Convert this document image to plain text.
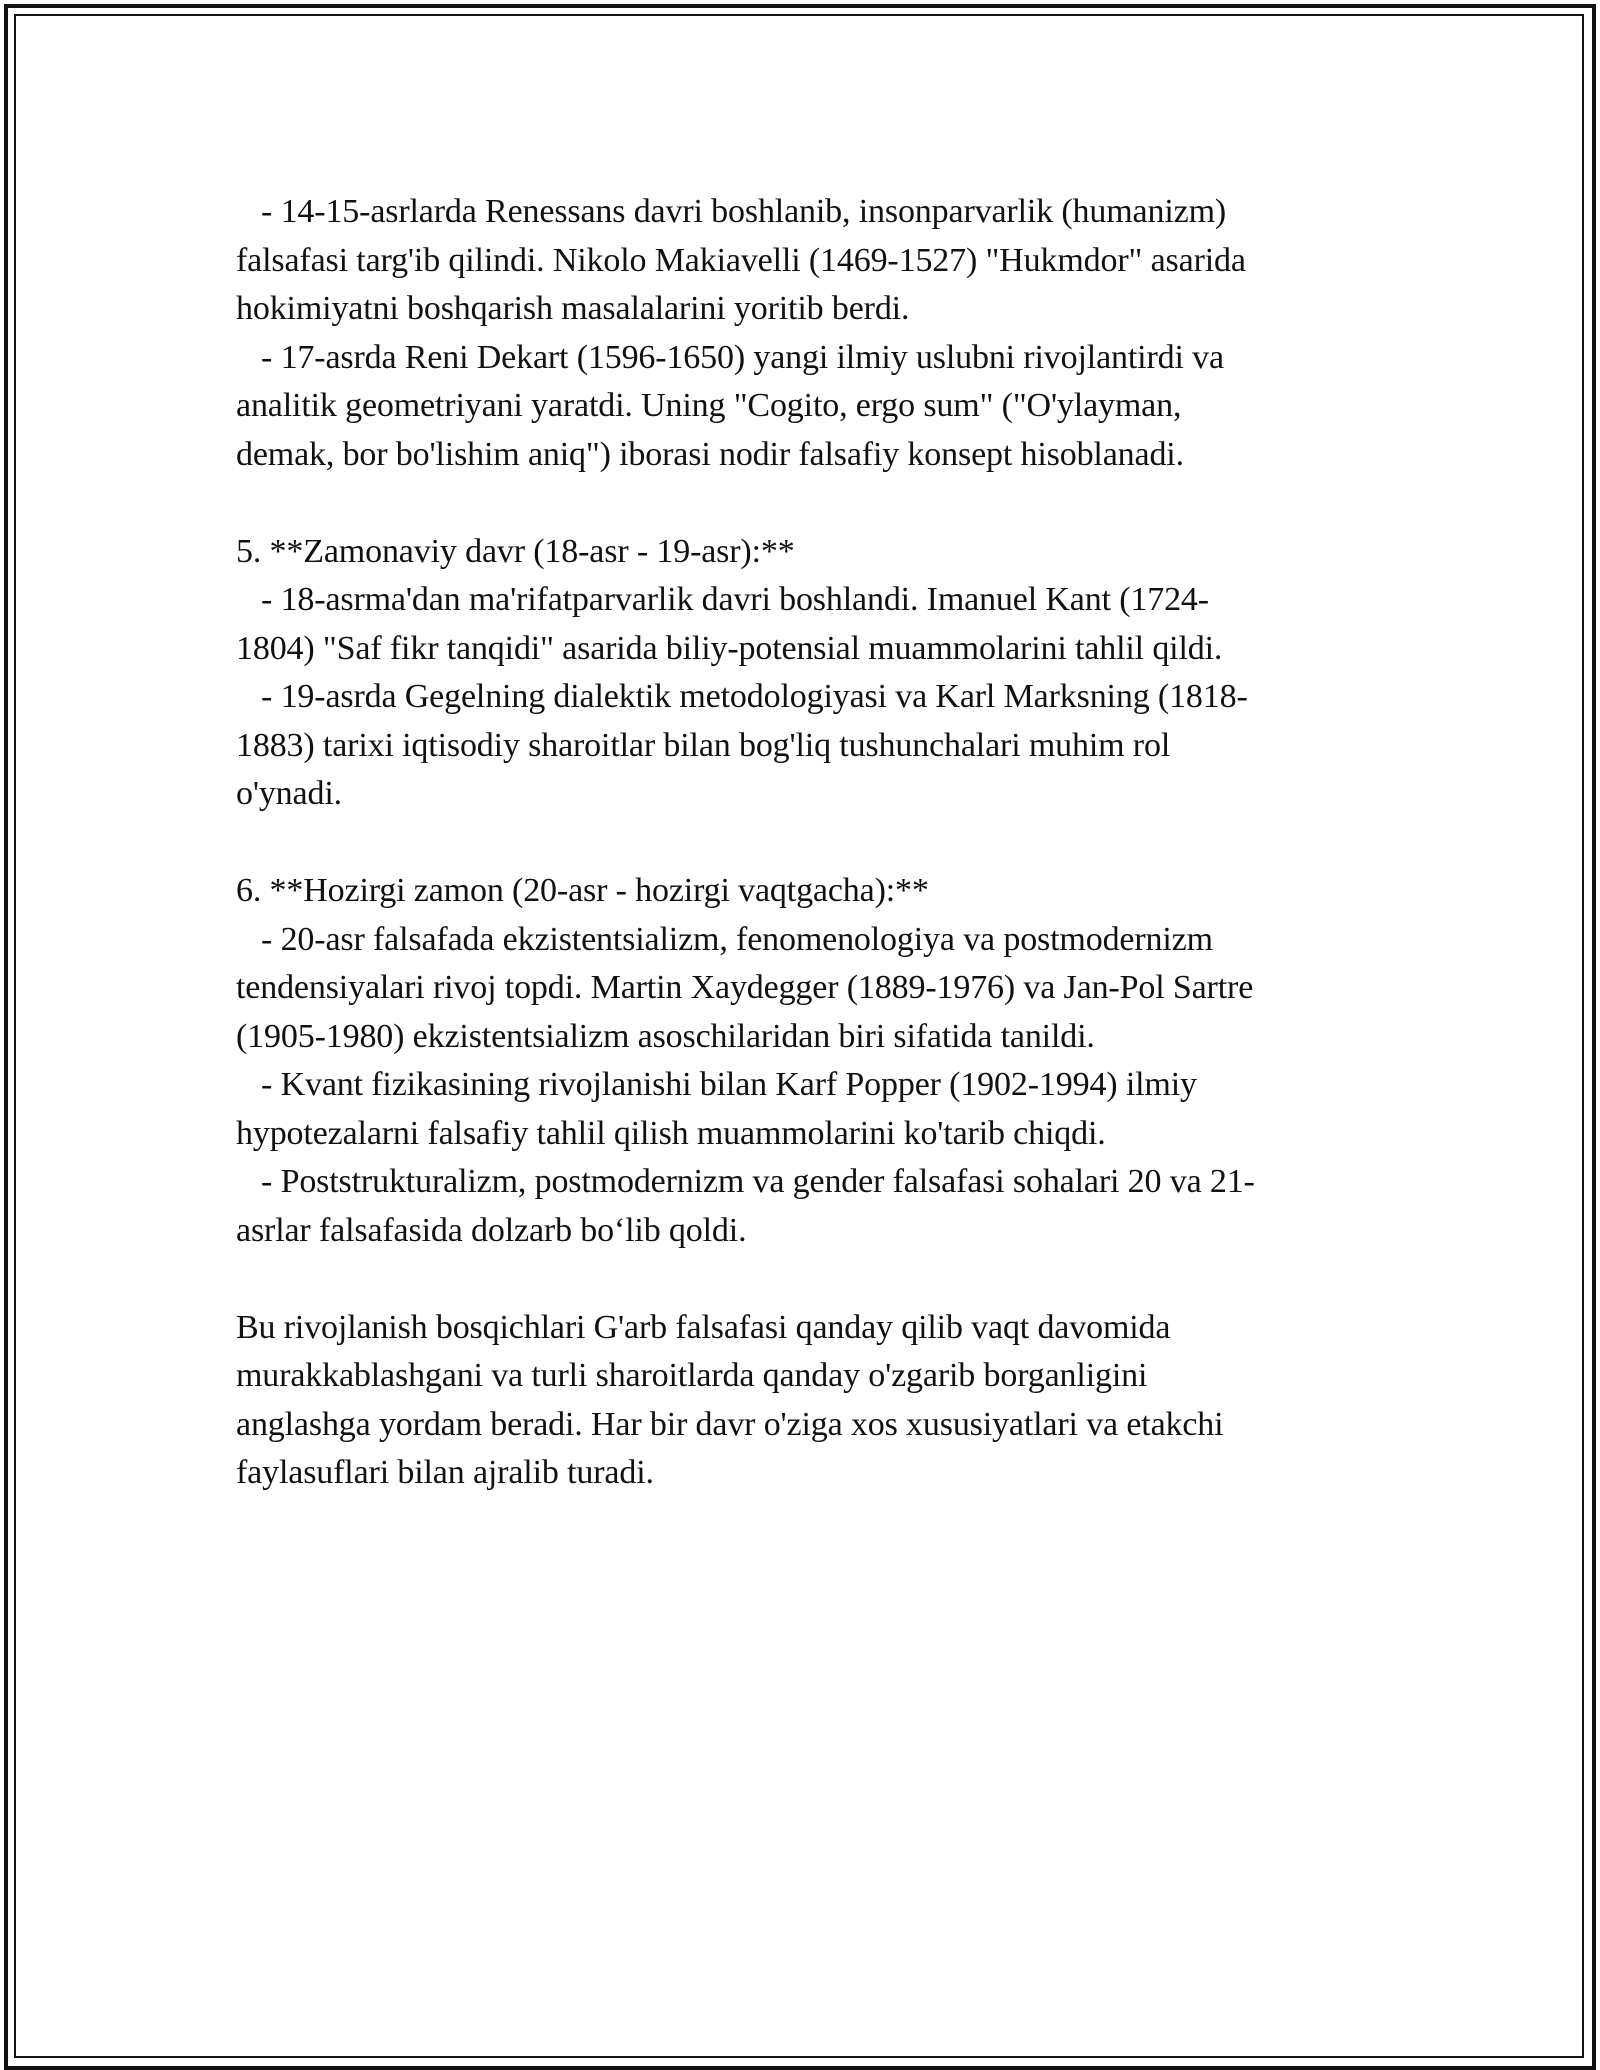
- 14-15-asrlarda Renessans davri boshlanib, insonparvarlik (humanizm)
falsafasi targ'ib qilindi. Nikolo Makiavelli (1469-1527) "Hukmdor" asarida
hokimiyatni boshqarish masalalarini yoritib berdi.
- 17-asrda Reni Dekart (1596-1650) yangi ilmiy uslubni rivojlantirdi va
analitik geometriyani yaratdi. Uning "Cogito, ergo sum" ("O'ylayman,
demak, bor bo'lishim aniq") iborasi nodir falsafiy konsept hisoblanadi.
5. **Zamonaviy davr (18-asr - 19-asr):**
- 18-asrma'dan ma'rifatparvarlik davri boshlandi. Imanuel Kant (1724-
1804) "Saf fikr tanqidi" asarida biliy-potensial muammolarini tahlil qildi.
- 19-asrda Gegelning dialektik metodologiyasi va Karl Marksning (1818-
1883) tarixi iqtisodiy sharoitlar bilan bog'liq tushunchalari muhim rol
o'ynadi.
6. **Hozirgi zamon (20-asr - hozirgi vaqtgacha):**
- 20-asr falsafada ekzistentsializm, fenomenologiya va postmodernizm
tendensiyalari rivoj topdi. Martin Xaydegger (1889-1976) va Jan-Pol Sartre
(1905-1980) ekzistentsializm asoschilaridan biri sifatida tanildi.
- Kvant fizikasining rivojlanishi bilan Karf Popper (1902-1994) ilmiy
hypotezalarni falsafiy tahlil qilish muammolarini ko'tarib chiqdi.
- Poststrukturalizm, postmodernizm va gender falsafasi sohalari 20 va 21-
asrlar falsafasida dolzarb bo‘lib qoldi.
Bu rivojlanish bosqichlari G'arb falsafasi qanday qilib vaqt davomida
murakkablashgani va turli sharoitlarda qanday o'zgarib borganligini
anglashga yordam beradi. Har bir davr o'ziga xos xususiyatlari va etakchi
faylasuflari bilan ajralib turadi.
